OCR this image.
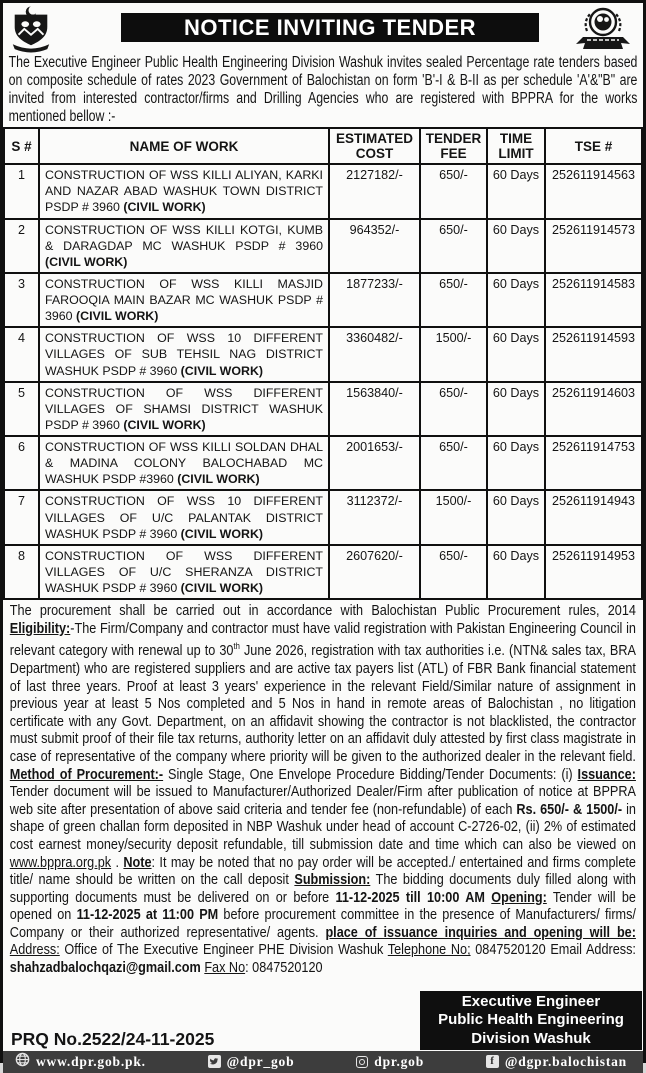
NOTICE INVITING TENDER
The Executive Engineer Public Health Engineering Division Washuk invites sealed Percentage rate tenders based on composite schedule of rates 2023 Government of Balochistan on form 'B'-I & B-II as per schedule 'A'&"B" are invited from interested contractor/firms and Drilling Agencies who are registered with BPPRA for the works mentioned bellow :-
S #	NAME OF WORK	ESTIMATED COST	TENDER FEE	TIME LIMIT	TSE #
1	CONSTRUCTION OF WSS KILLI ALIYAN, KARKI AND NAZAR ABAD WASHUK TOWN DISTRICT PSDP # 3960 (CIVIL WORK)	2127182/-	650/-	60 Days	252611914563
2	CONSTRUCTION OF WSS KILLI KOTGI, KUMB & DARAGDAP MC WASHUK PSDP # 3960 (CIVIL WORK)	964352/-	650/-	60 Days	252611914573
3	CONSTRUCTION OF WSS KILLI MASJID FAROOQIA MAIN BAZAR MC WASHUK PSDP # 3960 (CIVIL WORK)	1877233/-	650/-	60 Days	252611914583
4	CONSTRUCTION OF WSS 10 DIFFERENT VILLAGES OF SUB TEHSIL NAG DISTRICT WASHUK PSDP # 3960 (CIVIL WORK)	3360482/-	1500/-	60 Days	252611914593
5	CONSTRUCTION OF WSS DIFFERENT VILLAGES OF SHAMSI DISTRICT WASHUK PSDP # 3960 (CIVIL WORK)	1563840/-	650/-	60 Days	252611914603
6	CONSTRUCTION OF WSS KILLI SOLDAN DHAL & MADINA COLONY BALOCHABAD MC WASHUK PSDP #3960 (CIVIL WORK)	2001653/-	650/-	60 Days	252611914753
7	CONSTRUCTION OF WSS 10 DIFFERENT VILLAGES OF U/C PALANTAK DISTRICT WASHUK PSDP # 3960 (CIVIL WORK)	3112372/-	1500/-	60 Days	252611914943
8	CONSTRUCTION OF WSS DIFFERENT VILLAGES OF U/C SHERANZA DISTRICT WASHUK PSDP # 3960 (CIVIL WORK)	2607620/-	650/-	60 Days	252611914953
The procurement shall be carried out in accordance with Balochistan Public Procurement rules, 2014 Eligibility:-The Firm/Company and contractor must have valid registration with Pakistan Engineering Council in relevant category with renewal up to 30th June 2026, registration with tax authorities i.e. (NTN& sales tax, BRA Department) who are registered suppliers and are active tax payers list (ATL) of FBR Bank financial statement of last three years. Proof at least 3 years' experience in the relevant Field/Similar nature of assignment in previous year at least 5 Nos completed and 5 Nos in hand in remote areas of Balochistan , no litigation certificate with any Govt. Department, on an affidavit showing the contractor is not blacklisted, the contractor must submit proof of their file tax returns, authority letter on an affidavit duly attested by first class magistrate in case of representative of the company where priority will be given to the authorized dealer in the relevant field. Method of Procurement:- Single Stage, One Envelope Procedure Bidding/Tender Documents: (i) Issuance: Tender document will be issued to Manufacturer/Authorized Dealer/Firm after publication of notice at BPPRA web site after presentation of above said criteria and tender fee (non-refundable) of each Rs. 650/- & 1500/- in shape of green challan form deposited in NBP Washuk under head of account C-2726-02, (ii) 2% of estimated cost earnest money/security deposit refundable, till submission date and time which can also be viewed on www.bppra.org.pk . Note: It may be noted that no pay order will be accepted./ entertained and firms complete title/ name should be written on the call deposit Submission: The bidding documents duly filled along with supporting documents must be delivered on or before 11-12-2025 till 10:00 AM Opening: Tender will be opened on 11-12-2025 at 11:00 PM before procurement committee in the presence of Manufacturers/ firms/ Company or their authorized representative/ agents. place of issuance inquiries and opening will be: Address: Office of The Executive Engineer PHE Division Washuk Telephone No; 0847520120 Email Address: shahzadbalochqazi@gmail.com Fax No: 0847520120
PRQ No.2522/24-11-2025
Executive Engineer
Public Health Engineering
Division Washuk
www.dpr.gob.pk.	@dpr_gob	dpr.gob	f @dgpr.balochistan
